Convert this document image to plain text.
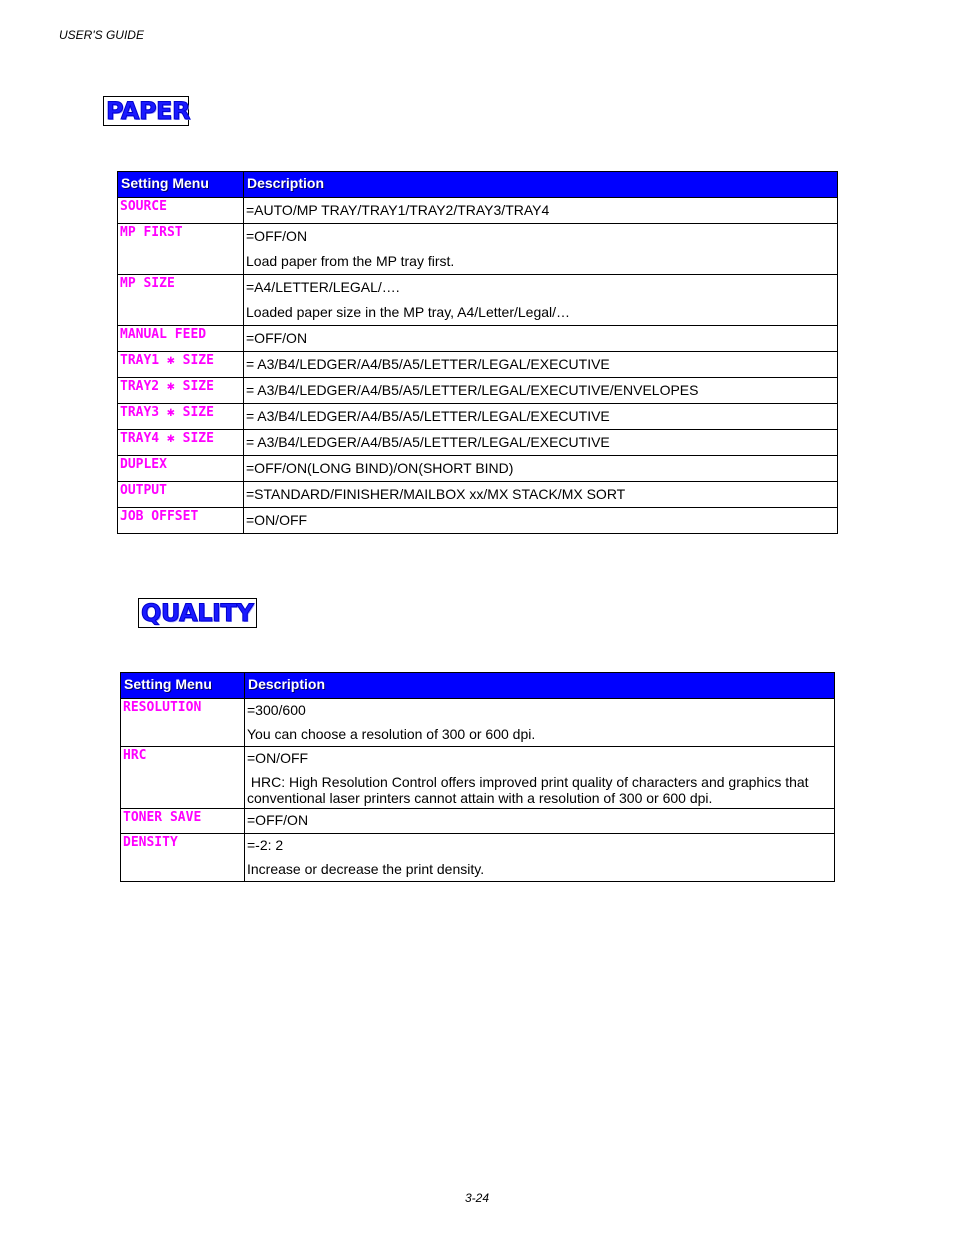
USER'S GUIDE
PAPER
Setting Menu	Description
SOURCE	=AUTO/MP TRAY/TRAY1/TRAY2/TRAY3/TRAY4
MP FIRST	=OFF/ON
Load paper from the MP tray first.

MP SIZE	=A4/LETTER/LEGAL/….
Loaded paper size in the MP tray, A4/Letter/Legal/…

MANUAL FEED	=OFF/ON
TRAY1 ✱ SIZE	= A3/B4/LEDGER/A4/B5/A5/LETTER/LEGAL/EXECUTIVE
TRAY2 ✱ SIZE	= A3/B4/LEDGER/A4/B5/A5/LETTER/LEGAL/EXECUTIVE/ENVELOPES
TRAY3 ✱ SIZE	= A3/B4/LEDGER/A4/B5/A5/LETTER/LEGAL/EXECUTIVE
TRAY4 ✱ SIZE	= A3/B4/LEDGER/A4/B5/A5/LETTER/LEGAL/EXECUTIVE
DUPLEX	=OFF/ON(LONG BIND)/ON(SHORT BIND)
OUTPUT	=STANDARD/FINISHER/MAILBOX xx/MX STACK/MX SORT
JOB OFFSET	=ON/OFF
QUALITY
Setting Menu	Description
RESOLUTION	=300/600
You can choose a resolution of 300 or 600 dpi.

HRC	=ON/OFF
HRC: High Resolution Control offers improved print quality of characters and graphics that conventional laser printers cannot attain with a resolution of 300 or 600 dpi.

TONER SAVE	=OFF/ON
DENSITY	=-2: 2
Increase or decrease the print density.
3-24
